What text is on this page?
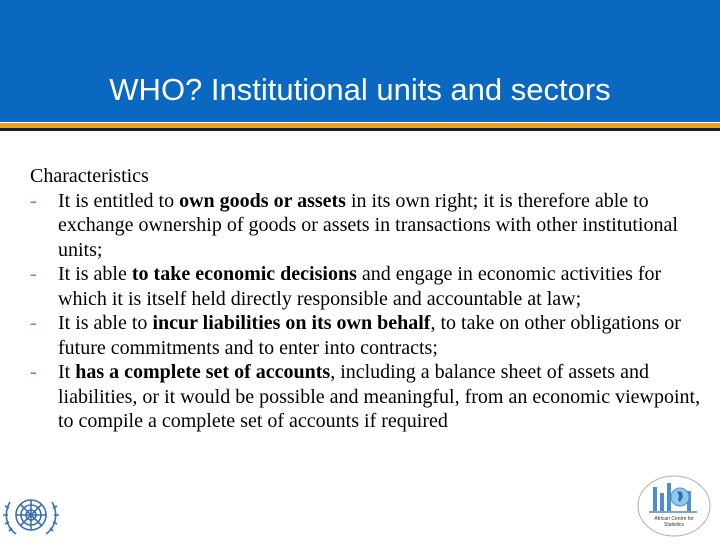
WHO? Institutional units and sectors

Characteristics

- It is entitled to own goods or assets in its own right; it is therefore able to exchange ownership of goods or assets in transactions with other institutional units;
- It is able to take economic decisions and engage in economic activities for which it is itself held directly responsible and accountable at law;
- It is able to incur liabilities on its own behalf, to take on other obligations or future commitments and to enter into contracts;
- It has a complete set of accounts, including a balance sheet of assets and liabilities, or it would be possible and meaningful, from an economic viewpoint, to compile a complete set of accounts if required
African Centre for
Statistics
